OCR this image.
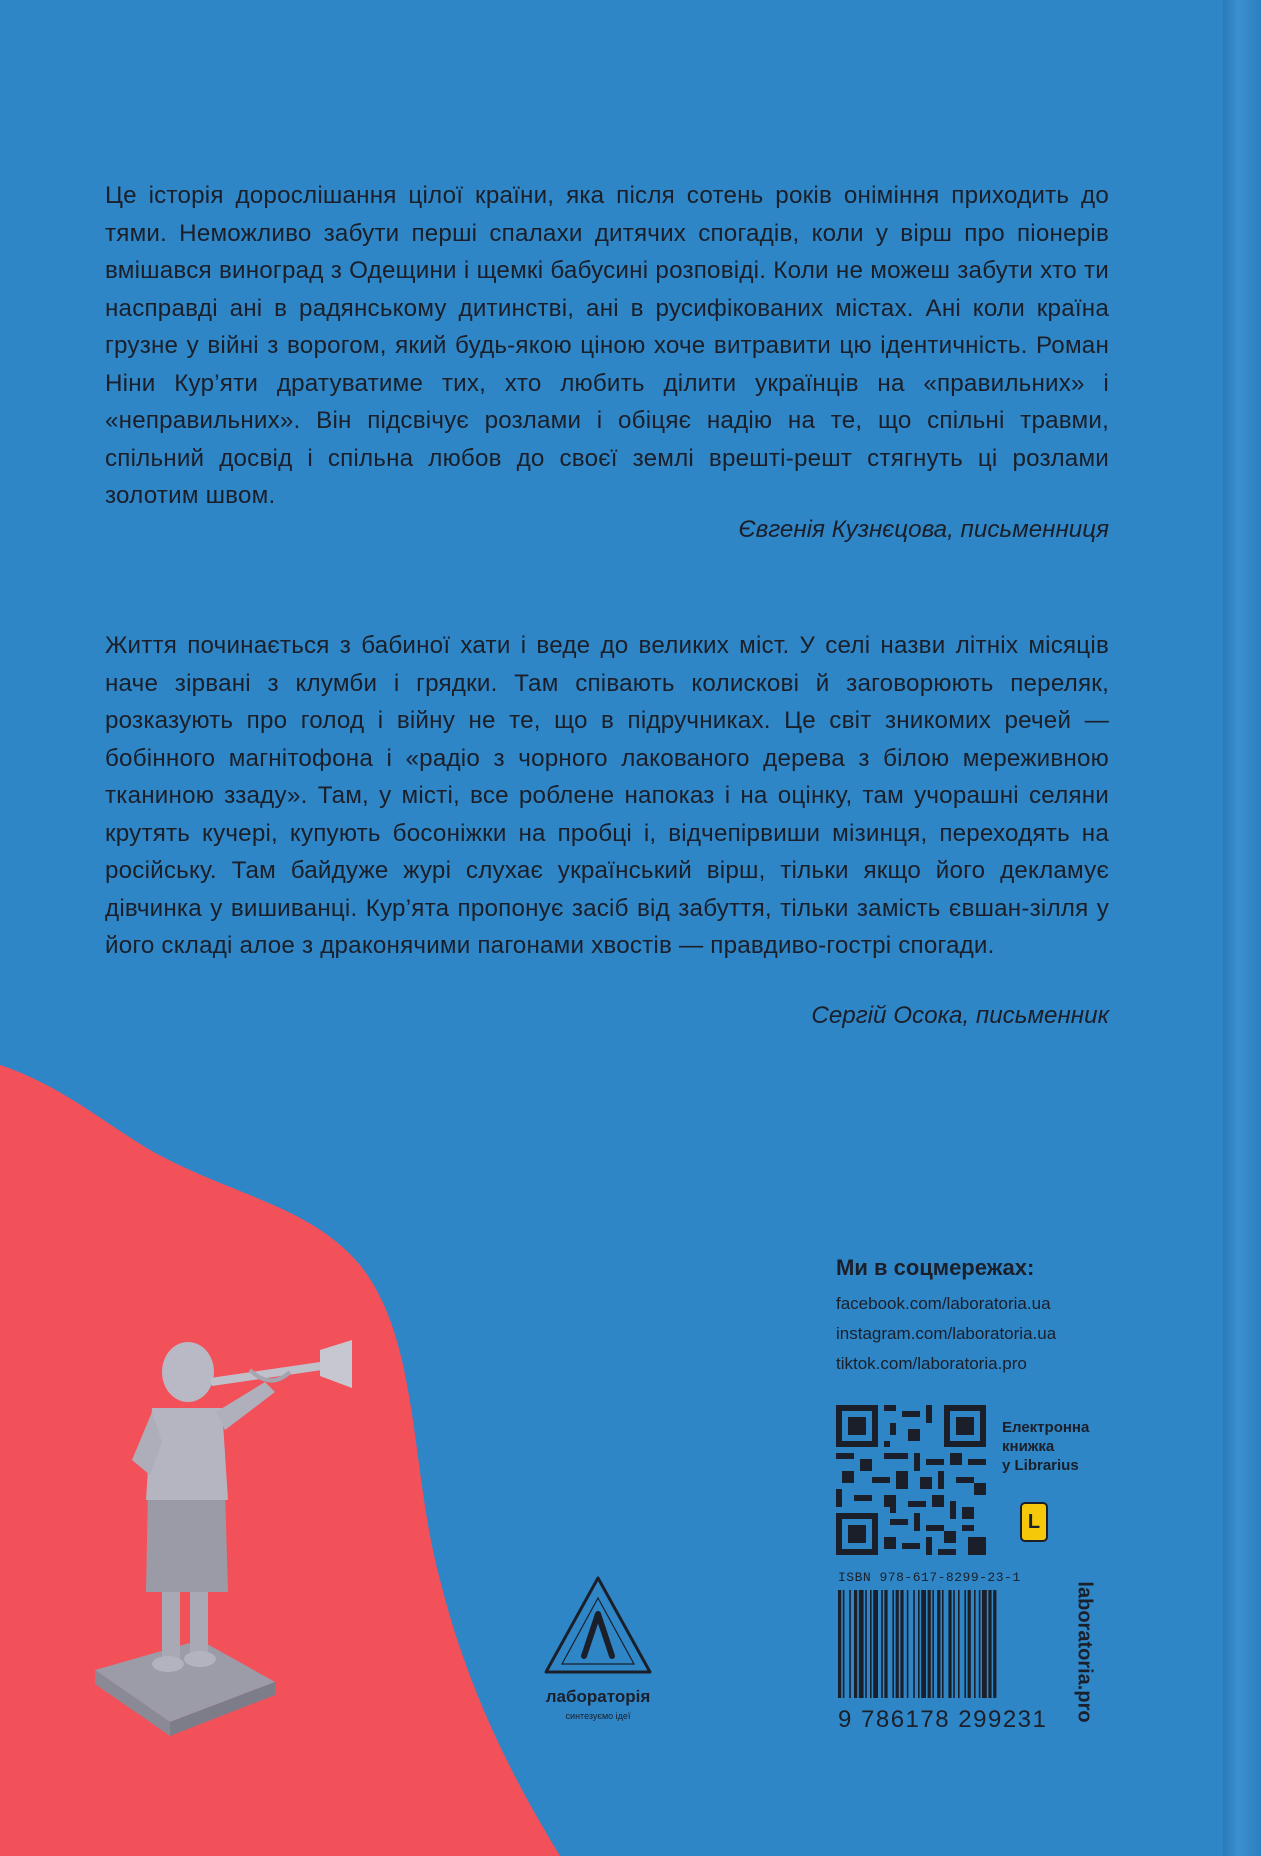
Це історія дорослішання цілої країни, яка після сотень років оніміння приходить до тями. Неможливо забути перші спалахи дитячих спогадів, коли у вірш про піонерів вмішався виноград з Одещини і щемкі бабусині розповіді. Коли не можеш забути хто ти насправді ані в радянському дитинстві, ані в русифікованих містах. Ані коли країна грузне у війні з ворогом, який будь-якою ціною хоче витравити цю ідентичність. Роман Ніни Кур’яти дратуватиме тих, хто любить ділити українців на «правильних» і «неправильних». Він підсвічує розлами і обіцяє надію на те, що спільні травми, спільний досвід і спільна любов до своєї землі врешті-решт стягнуть ці розлами золотим швом.

Євгенія Кузнєцова, письменниця

Життя починається з бабиної хати і веде до великих міст. У селі назви літніх місяців наче зірвані з клумби і грядки. Там співають колискові й заговорюють переляк, розказують про голод і війну не те, що в підручниках. Це світ зникомих речей — бобінного магнітофона і «радіо з чорного лакованого дерева з білою мереживною тканиною ззаду». Там, у місті, все роблене напоказ і на оцінку, там учорашні селяни крутять кучері, купують босоніжки на пробці і, відчепірвиши мізинця, переходять на російську. Там байдуже журі слухає український вірш, тільки якщо його декламує дівчинка у вишиванці. Кур’ята пропонує засіб від забуття, тільки замість євшан-зілля у його складі алое з драконячими пагонами хвостів — правдиво-гострі спогади.

Сергій Осока, письменник
лабораторія
синтезуємо ідеї
Ми в соцмережах:
facebook.com/laboratoria.ua
instagram.com/laboratoria.ua
tiktok.com/laboratoria.pro
Електронна
книжка
у Librarius
L
ISBN 978-617-8299-23-1
9 786178 299231 laboratoria.pro
